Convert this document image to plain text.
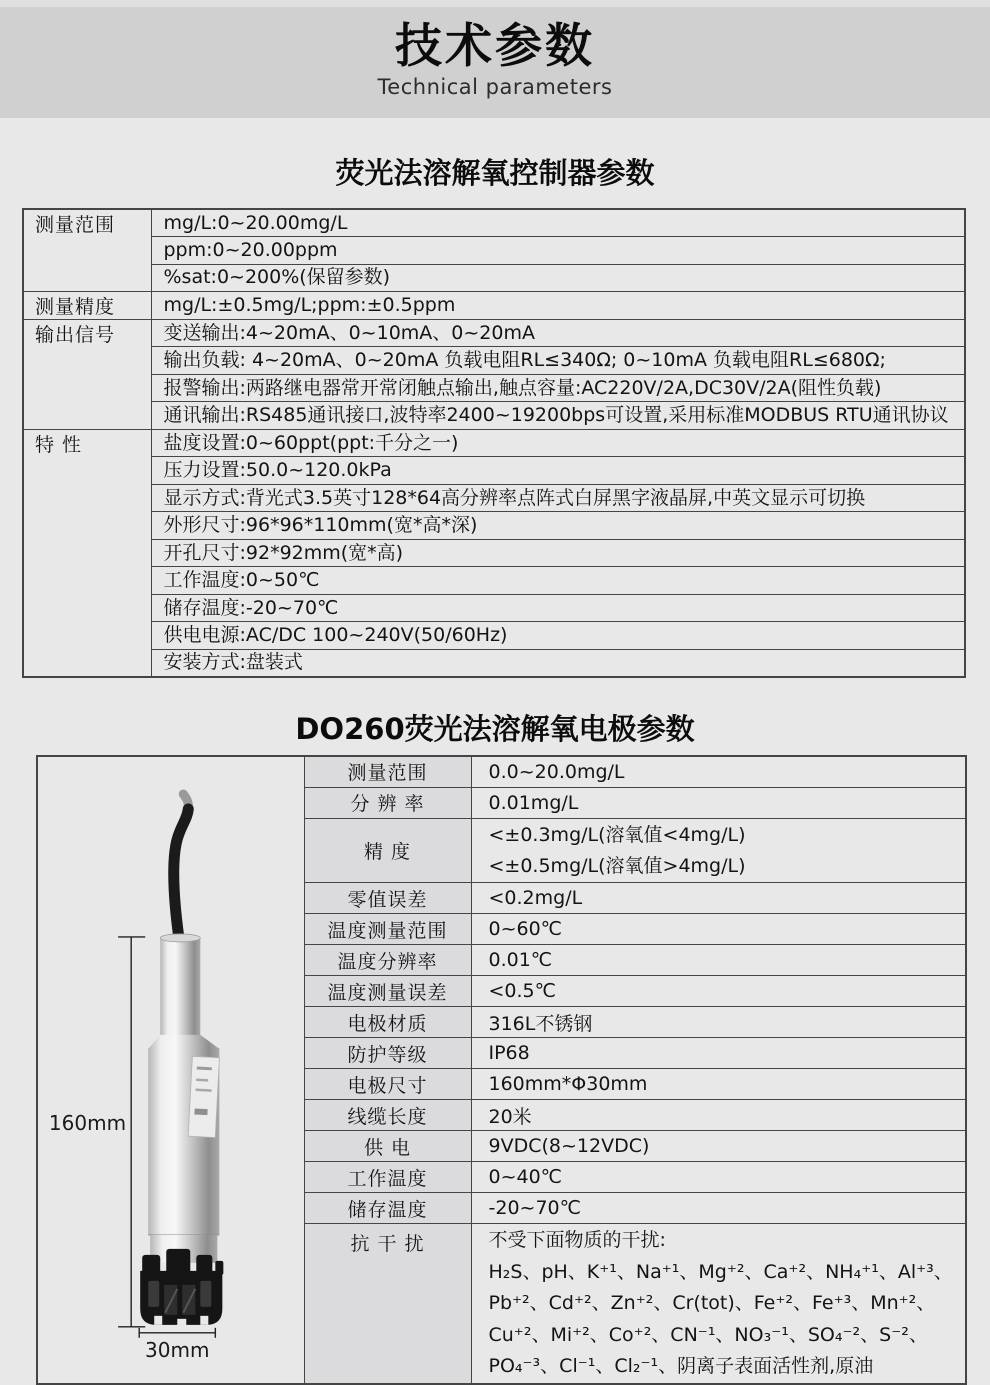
技术参数
Technical parameters
荧光法溶解氧控制器参数
测量范围	mg/L:0~20.00mg/L
	ppm:0~20.00ppm
	%sat:0~200%(保留参数)
测量精度	mg/L:±0.5mg/L;ppm:±0.5ppm
输出信号	变送输出:4~20mA、0~10mA、0~20mA
	输出负载: 4~20mA、0~20mA 负载电阻RL≤340Ω; 0~10mA 负载电阻RL≤680Ω;
	报警输出:两路继电器常开常闭触点输出,触点容量:AC220V/2A,DC30V/2A(阻性负载)
	通讯输出:RS485通讯接口,波特率2400~19200bps可设置,采用标准MODBUS RTU通讯协议
特 性	盐度设置:0~60ppt(ppt:千分之一)
	压力设置:50.0~120.0kPa
	显示方式:背光式3.5英寸128*64高分辨率点阵式白屏黑字液晶屏,中英文显示可切换
	外形尺寸:96*96*110mm(宽*高*深)
	开孔尺寸:92*92mm(宽*高)
	工作温度:0~50℃
	储存温度:-20~70℃
	供电电源:AC/DC 100~240V(50/60Hz)
	安装方式:盘装式
DO260荧光法溶解氧电极参数
160mm
30mm	测量范围	0.0~20.0mg/L
	分 辨 率	0.01mg/L
	精 度	<±0.3mg/L(溶氧值<4mg/L)
<±0.5mg/L(溶氧值>4mg/L)

	零值误差	<0.2mg/L
	温度测量范围	0~60℃
	温度分辨率	0.01℃
	温度测量误差	<0.5℃
	电极材质	316L不锈钢
	防护等级	IP68
	电极尺寸	160mm*Φ30mm
	线缆长度	20米
	供 电	9VDC(8~12VDC)
	工作温度	0~40℃
	储存温度	-20~70℃
	抗 干 扰	不受下面物质的干扰:
H₂S、pH、K⁺¹、Na⁺¹、Mg⁺²、Ca⁺²、NH₄⁺¹、Al⁺³、
Pb⁺²、Cd⁺²、Zn⁺²、Cr(tot)、Fe⁺²、Fe⁺³、Mn⁺²、
Cu⁺²、Mi⁺²、Co⁺²、CN⁻¹、NO₃⁻¹、SO₄⁻²、S⁻²、
PO₄⁻³、Cl⁻¹、Cl₂⁻¹、阴离子表面活性剂,原油
